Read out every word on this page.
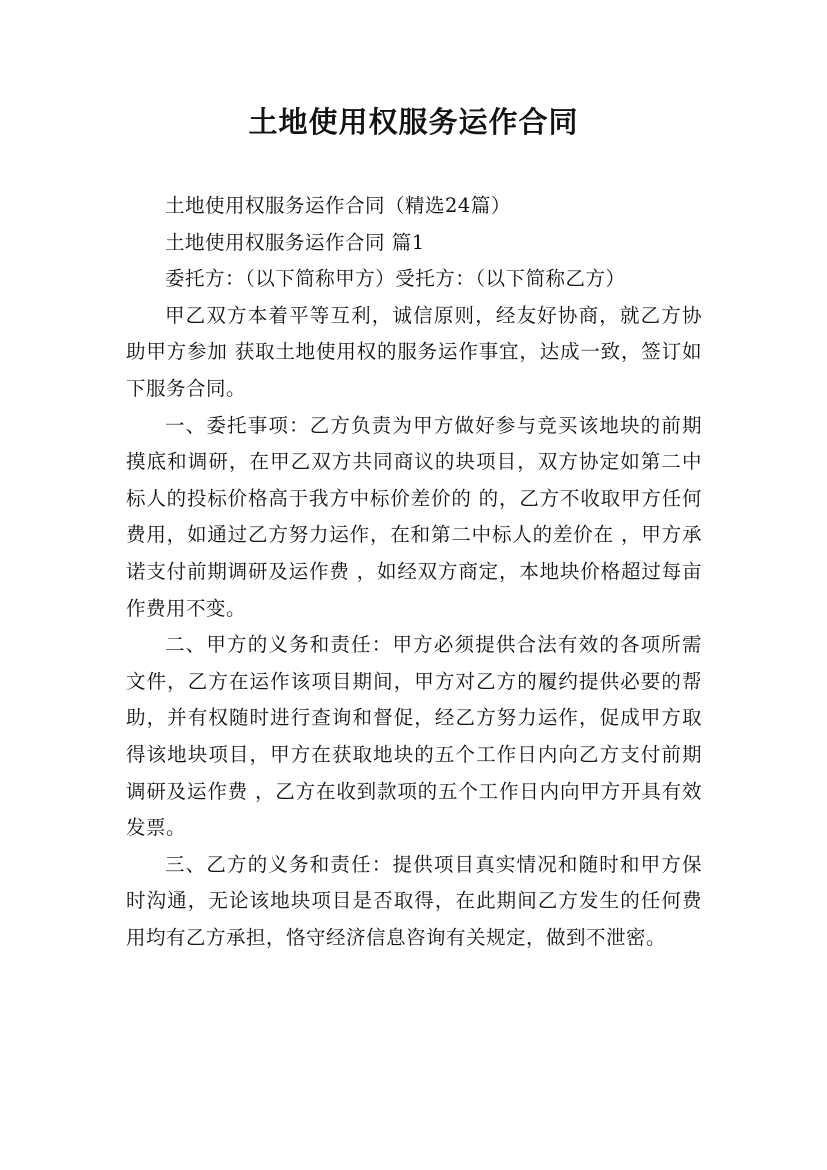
土地使用权服务运作合同

土地使用权服务运作合同（精选24篇）

土地使用权服务运作合同 篇1

委托方：（以下简称甲方）受托方：（以下简称乙方）

甲乙双方本着平等互利，诚信原则，经友好协商，就乙方协助甲方参加 获取土地使用权的服务运作事宜，达成一致，签订如下服务合同。

一、委托事项：乙方负责为甲方做好参与竞买该地块的前期摸底和调研，在甲乙双方共同商议的块项目，双方协定如第二中标人的投标价格高于我方中标价差价的 的，乙方不收取甲方任何费用，如通过乙方努力运作，在和第二中标人的差价在 ，甲方承诺支付前期调研及运作费 ，如经双方商定，本地块价格超过每亩作费用不变。

二、甲方的义务和责任：甲方必须提供合法有效的各项所需文件，乙方在运作该项目期间，甲方对乙方的履约提供必要的帮助，并有权随时进行查询和督促，经乙方努力运作，促成甲方取得该地块项目，甲方在获取地块的五个工作日内向乙方支付前期调研及运作费 ，乙方在收到款项的五个工作日内向甲方开具有效发票。

三、乙方的义务和责任：提供项目真实情况和随时和甲方保时沟通，无论该地块项目是否取得，在此期间乙方发生的任何费用均有乙方承担，恪守经济信息咨询有关规定，做到不泄密。
